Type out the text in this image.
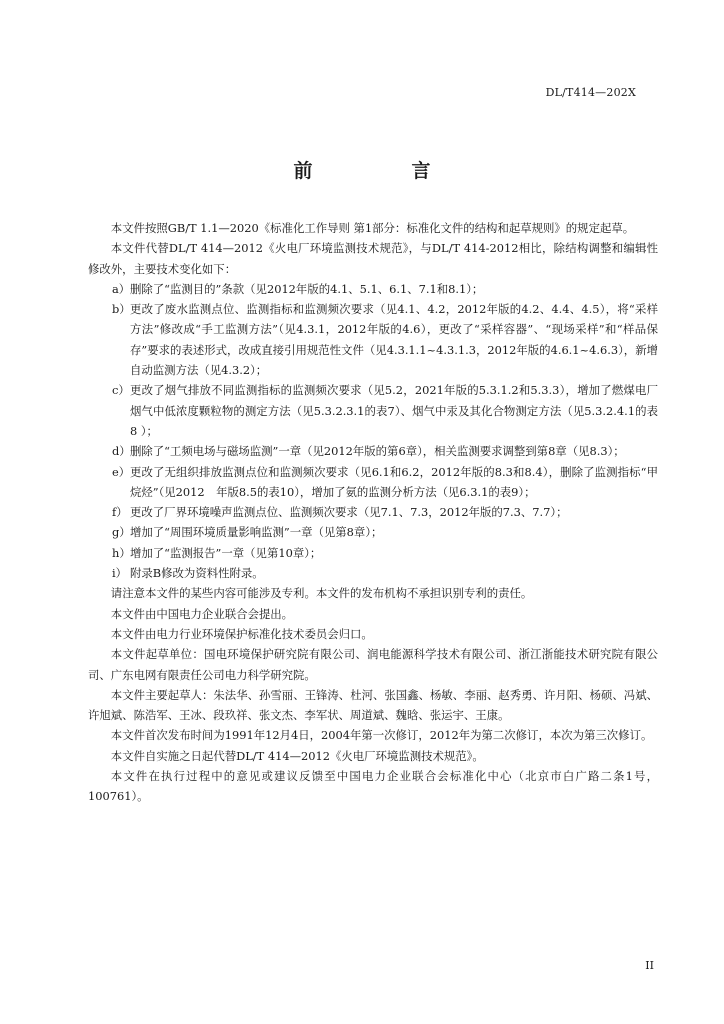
DL/T414—202X
前　言

本文件按照GB/T 1.1—2020《标准化工作导则 第1部分：标准化文件的结构和起草规则》的规定起草。

本文件代替DL/T 414—2012《火电厂环境监测技术规范》，与DL/T 414-2012相比，除结构调整和编辑性修改外，主要技术变化如下：

a） 删除了“监测目的”条款（见2012年版的4.1、5.1、6.1、7.1和8.1）；

b） 更改了废水监测点位、监测指标和监测频次要求（见4.1、4.2，2012年版的4.2、4.4、4.5），将“采样方法”修改成“手工监测方法”（见4.3.1，2012年版的4.6），更改了“采样容器”、“现场采样”和“样品保存”要求的表述形式，改成直接引用规范性文件（见4.3.1.1~4.3.1.3，2012年版的4.6.1~4.6.3），新增自动监测方法（见4.3.2）；

c） 更改了烟气排放不同监测指标的监测频次要求（见5.2，2021年版的5.3.1.2和5.3.3），增加了燃煤电厂烟气中低浓度颗粒物的测定方法（见5.3.2.3.1的表7）、烟气中汞及其化合物测定方法（见5.3.2.4.1的表8 ）；

d） 删除了“工频电场与磁场监测”一章（见2012年版的第6章），相关监测要求调整到第8章（见8.3）；

e） 更改了无组织排放监测点位和监测频次要求（见6.1和6.2，2012年版的8.3和8.4），删除了监测指标“甲烷烃”（见2012　年版8.5的表10），增加了氨的监测分析方法（见6.3.1的表9）；

f） 更改了厂界环境噪声监测点位、监测频次要求（见7.1、7.3，2012年版的7.3、7.7）；

g） 增加了“周围环境质量影响监测”一章（见第8章）；

h） 增加了“监测报告”一章（见第10章）；

i） 附录B修改为资料性附录。

请注意本文件的某些内容可能涉及专利。本文件的发布机构不承担识别专利的责任。

本文件由中国电力企业联合会提出。

本文件由电力行业环境保护标准化技术委员会归口。

本文件起草单位：国电环境保护研究院有限公司、润电能源科学技术有限公司、浙江浙能技术研究院有限公司、广东电网有限责任公司电力科学研究院。

本文件主要起草人：朱法华、孙雪丽、王锋涛、杜河、张国鑫、杨敏、李丽、赵秀勇、许月阳、杨硕、冯斌、许旭斌、陈浩军、王冰、段玖祥、张文杰、李军状、周道斌、魏晗、张运宇、王康。

本文件首次发布时间为1991年12月4日，2004年第一次修订，2012年为第二次修订，本次为第三次修订。

本文件自实施之日起代替DL/T 414—2012《火电厂环境监测技术规范》。

本文件在执行过程中的意见或建议反馈至中国电力企业联合会标准化中心（北京市白广路二条1号，100761）。

II
